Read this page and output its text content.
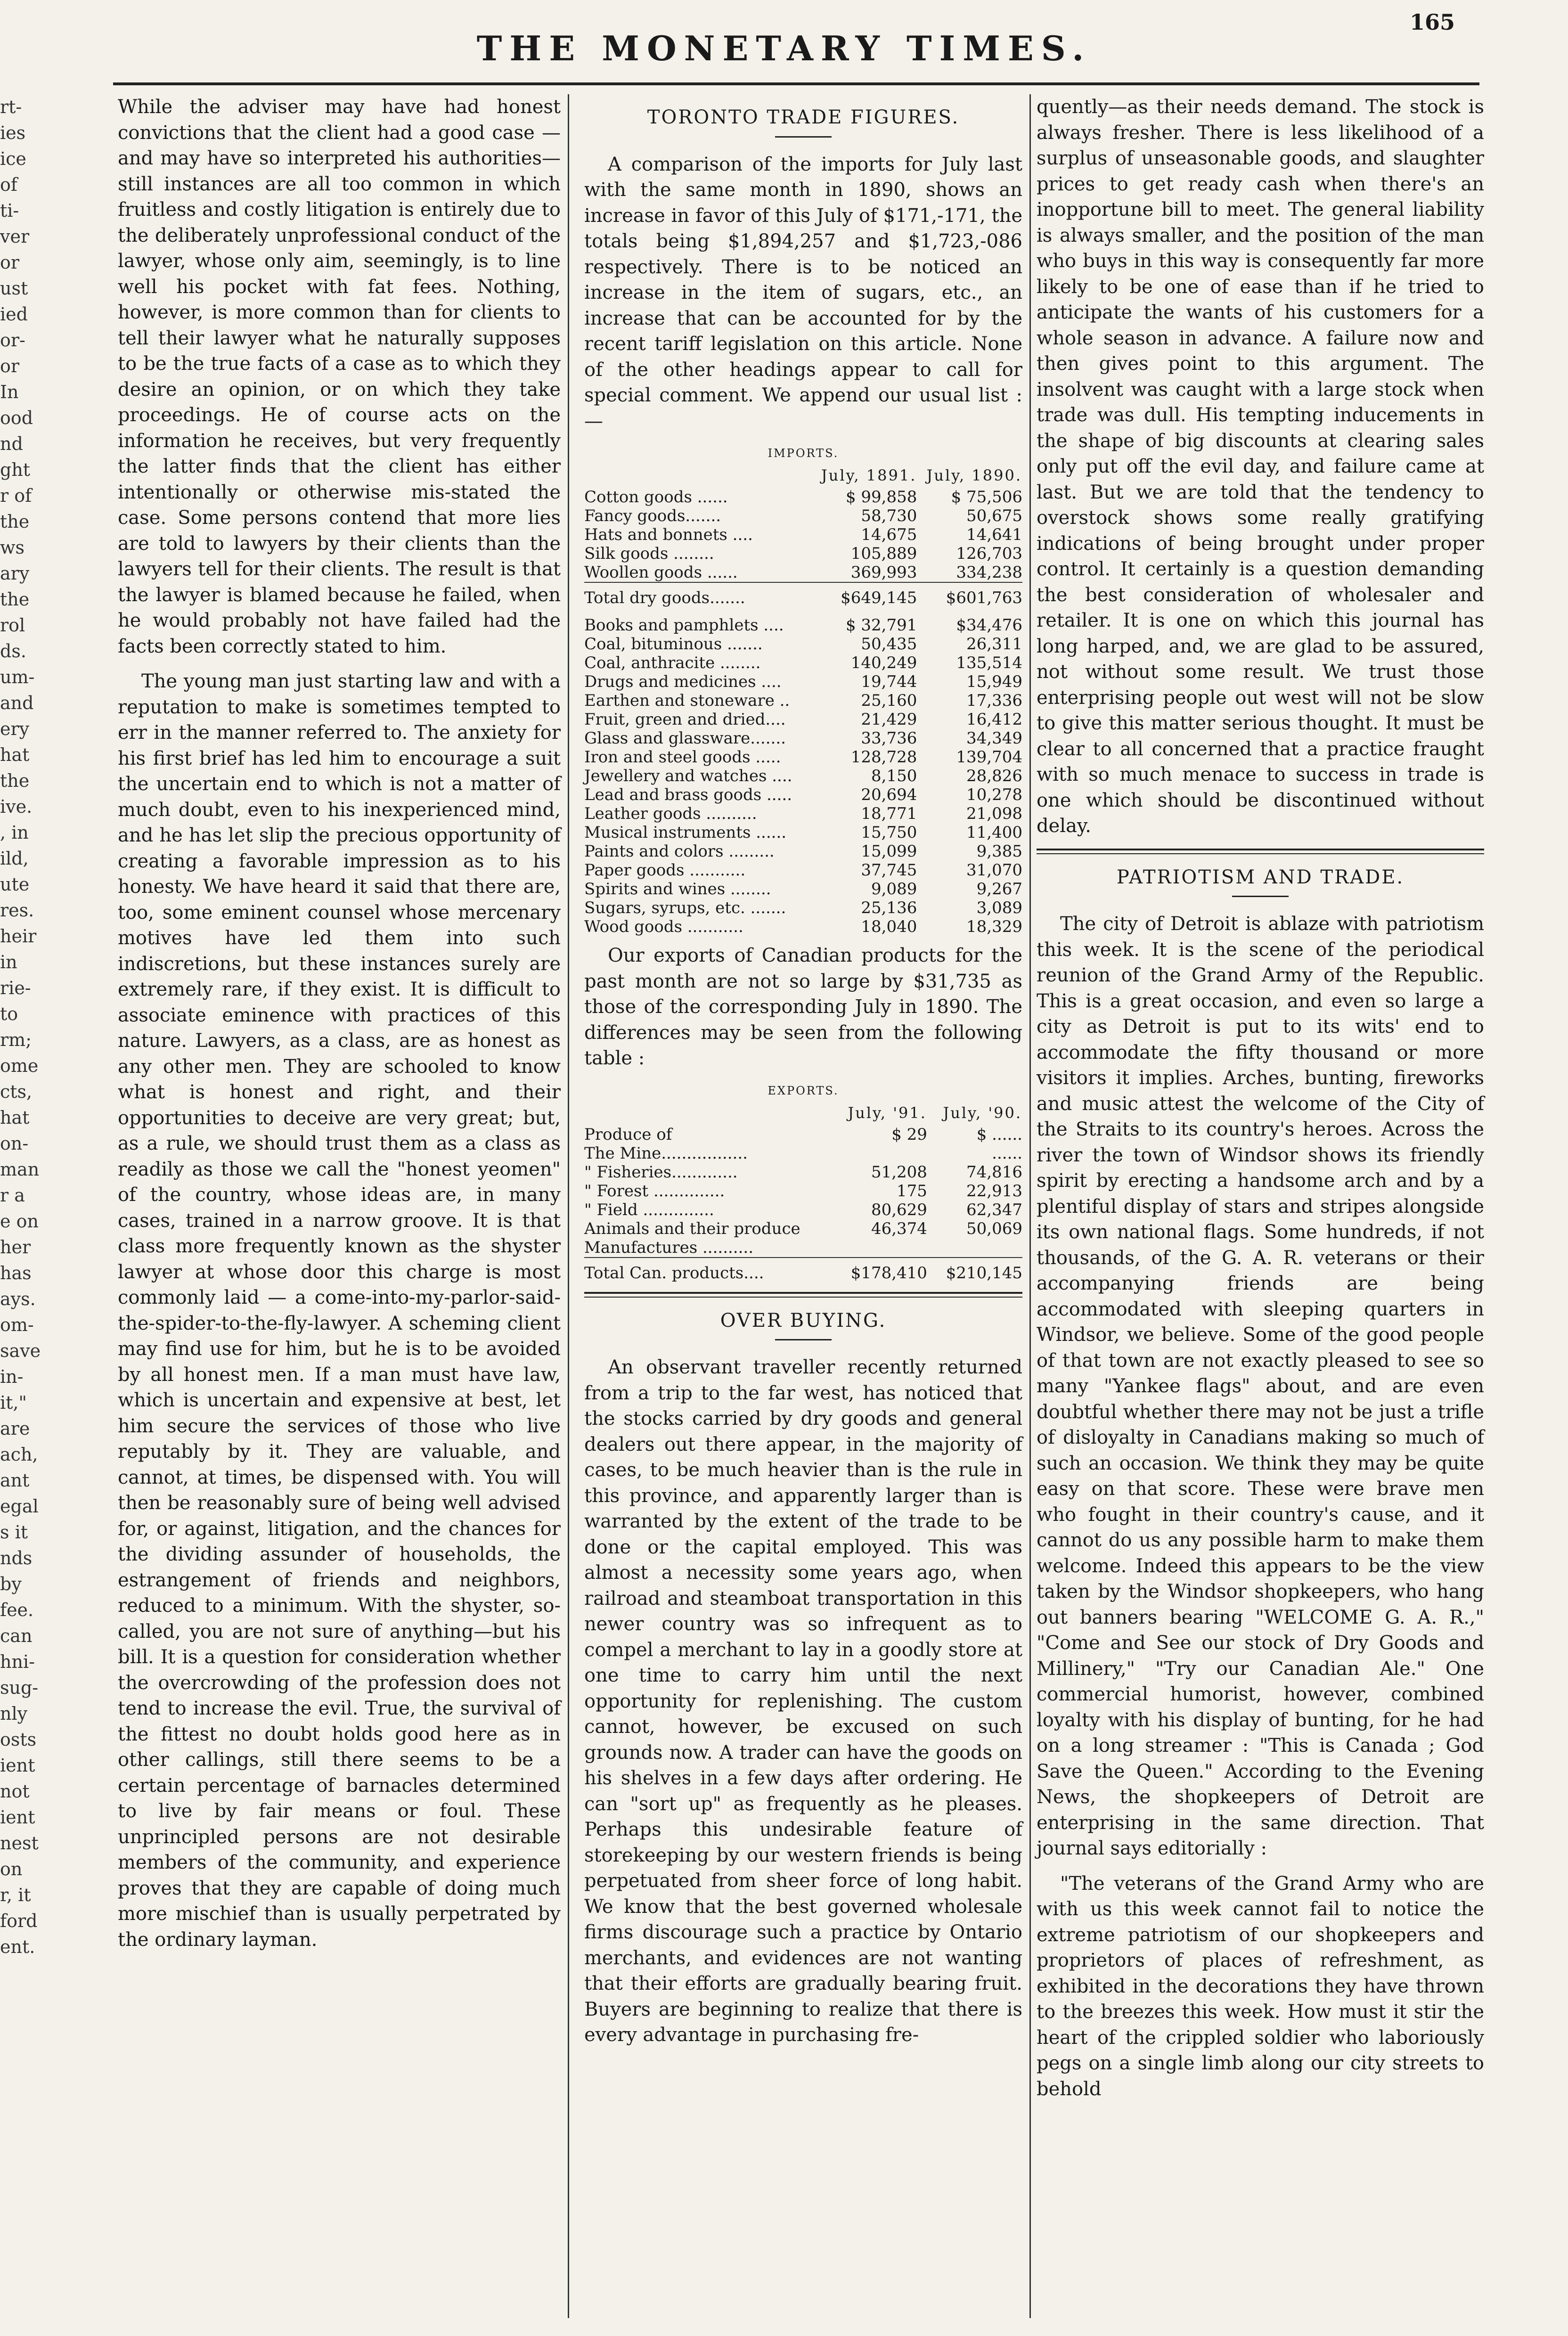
rt-
ies
ice
of
ti-
ver
or
ust
ied
or-
or
In
ood
nd
ght
r of
the
ws
ary
the
rol
ds.
um-
and
ery
hat
the
ive.
, in
ild,
ute
res.
heir
in
rie-
to
rm;
ome
cts,
hat
on-
man
r a
e on
her
has
ays.
om-
save
in-
it,"
are
ach,
ant
egal
s it
nds
by
fee.
can
hni-
sug-
nly
osts
ient
not
ient
nest
on
r, it
ford
ent.
165
THE MONETARY TIMES.

While the adviser may have had honest convictions that the client had a good case —and may have so interpreted his authorities—still instances are all too common in which fruitless and costly litigation is entirely due to the deliberately unprofessional conduct of the lawyer, whose only aim, seemingly, is to line well his pocket with fat fees. Nothing, however, is more common than for clients to tell their lawyer what he naturally supposes to be the true facts of a case as to which they desire an opinion, or on which they take proceedings. He of course acts on the information he receives, but very frequently the latter finds that the client has either intentionally or otherwise mis-stated the case. Some persons contend that more lies are told to lawyers by their clients than the lawyers tell for their clients. The result is that the lawyer is blamed because he failed, when he would probably not have failed had the facts been correctly stated to him.

The young man just starting law and with a reputation to make is sometimes tempted to err in the manner referred to. The anxiety for his first brief has led him to encourage a suit the uncertain end to which is not a matter of much doubt, even to his inexperienced mind, and he has let slip the precious opportunity of creating a favorable impression as to his honesty. We have heard it said that there are, too, some eminent counsel whose mercenary motives have led them into such indiscretions, but these instances surely are extremely rare, if they exist. It is difficult to associate eminence with practices of this nature. Lawyers, as a class, are as honest as any other men. They are schooled to know what is honest and right, and their opportunities to deceive are very great; but, as a rule, we should trust them as a class as readily as those we call the "honest yeomen" of the country, whose ideas are, in many cases, trained in a narrow groove. It is that class more frequently known as the shyster lawyer at whose door this charge is most commonly laid — a come-into-my-parlor-said-the-spider-to-the-fly-lawyer. A scheming client may find use for him, but he is to be avoided by all honest men. If a man must have law, which is uncertain and expensive at best, let him secure the services of those who live reputably by it. They are valuable, and cannot, at times, be dispensed with. You will then be reasonably sure of being well advised for, or against, litigation, and the chances for the dividing assunder of households, the estrangement of friends and neighbors, reduced to a minimum. With the shyster, so-called, you are not sure of anything—but his bill. It is a question for consideration whether the overcrowding of the profession does not tend to increase the evil. True, the survival of the fittest no doubt holds good here as in other callings, still there seems to be a certain percentage of barnacles determined to live by fair means or foul. These unprincipled persons are not desirable members of the community, and experience proves that they are capable of doing much more mischief than is usually perpetrated by the ordinary layman.

TORONTO TRADE FIGURES.

A comparison of the imports for July last with the same month in 1890, shows an increase in favor of this July of $171,-171, the totals being $1,894,257 and $1,723,-086 respectively. There is to be noticed an increase in the item of sugars, etc., an increase that can be accounted for by the recent tariff legislation on this article. None of the other headings appear to call for special comment. We append our usual list :—

IMPORTS.		
	July, 1891.	July, 1890.
Cotton goods ......	$ 99,858	$ 75,506
Fancy goods.......	58,730	50,675
Hats and bonnets ....	14,675	14,641
Silk goods ........	105,889	126,703
Woollen goods ......	369,993	334,238
Total dry goods.......	$649,145	$601,763

Books and pamphlets ....	$ 32,791	$34,476
Coal, bituminous .......	50,435	26,311
Coal, anthracite ........	140,249	135,514
Drugs and medicines ....	19,744	15,949
Earthen and stoneware ..	25,160	17,336
Fruit, green and dried....	21,429	16,412
Glass and glassware.......	33,736	34,349
Iron and steel goods .....	128,728	139,704
Jewellery and watches ....	8,150	28,826
Lead and brass goods .....	20,694	10,278
Leather goods ..........	18,771	21,098
Musical instruments ......	15,750	11,400
Paints and colors .........	15,099	9,385
Paper goods ...........	37,745	31,070
Spirits and wines ........	9,089	9,267
Sugars, syrups, etc. .......	25,136	3,089
Wood goods ...........	18,040	18,329

Our exports of Canadian products for the past month are not so large by $31,735 as those of the corresponding July in 1890. The differences may be seen from the following table :

EXPORTS.		
	July, '91.	July, '90.
Produce of	$ 29	$ ......
The Mine.................		......
" Fisheries.............	51,208	74,816
" Forest ..............	175	22,913
" Field ..............	80,629	62,347
Animals and their produce	46,374	50,069
Manufactures ..........		
Total Can. products....	$178,410	$210,145
OVER BUYING.

An observant traveller recently returned from a trip to the far west, has noticed that the stocks carried by dry goods and general dealers out there appear, in the majority of cases, to be much heavier than is the rule in this province, and apparently larger than is warranted by the extent of the trade to be done or the capital employed. This was almost a necessity some years ago, when railroad and steamboat transportation in this newer country was so infrequent as to compel a merchant to lay in a goodly store at one time to carry him until the next opportunity for replenishing. The custom cannot, however, be excused on such grounds now. A trader can have the goods on his shelves in a few days after ordering. He can "sort up" as frequently as he pleases. Perhaps this undesirable feature of storekeeping by our western friends is being perpetuated from sheer force of long habit. We know that the best governed wholesale firms discourage such a practice by Ontario merchants, and evidences are not wanting that their efforts are gradually bearing fruit. Buyers are beginning to realize that there is every advantage in purchasing fre-

quently—as their needs demand. The stock is always fresher. There is less likelihood of a surplus of unseasonable goods, and slaughter prices to get ready cash when there's an inopportune bill to meet. The general liability is always smaller, and the position of the man who buys in this way is consequently far more likely to be one of ease than if he tried to anticipate the wants of his customers for a whole season in advance. A failure now and then gives point to this argument. The insolvent was caught with a large stock when trade was dull. His tempting inducements in the shape of big discounts at clearing sales only put off the evil day, and failure came at last. But we are told that the tendency to overstock shows some really gratifying indications of being brought under proper control. It certainly is a question demanding the best consideration of wholesaler and retailer. It is one on which this journal has long harped, and, we are glad to be assured, not without some result. We trust those enterprising people out west will not be slow to give this matter serious thought. It must be clear to all concerned that a practice fraught with so much menace to success in trade is one which should be discontinued without delay.

PATRIOTISM AND TRADE.

The city of Detroit is ablaze with patriotism this week. It is the scene of the periodical reunion of the Grand Army of the Republic. This is a great occasion, and even so large a city as Detroit is put to its wits' end to accommodate the fifty thousand or more visitors it implies. Arches, bunting, fireworks and music attest the welcome of the City of the Straits to its country's heroes. Across the river the town of Windsor shows its friendly spirit by erecting a handsome arch and by a plentiful display of stars and stripes alongside its own national flags. Some hundreds, if not thousands, of the G. A. R. veterans or their accompanying friends are being accommodated with sleeping quarters in Windsor, we believe. Some of the good people of that town are not exactly pleased to see so many "Yankee flags" about, and are even doubtful whether there may not be just a trifle of disloyalty in Canadians making so much of such an occasion. We think they may be quite easy on that score. These were brave men who fought in their country's cause, and it cannot do us any possible harm to make them welcome. Indeed this appears to be the view taken by the Windsor shopkeepers, who hang out banners bearing "WELCOME G. A. R.," "Come and See our stock of Dry Goods and Millinery," "Try our Canadian Ale." One commercial humorist, however, combined loyalty with his display of bunting, for he had on a long streamer : "This is Canada ; God Save the Queen." According to the Evening News, the shopkeepers of Detroit are enterprising in the same direction. That journal says editorially :

"The veterans of the Grand Army who are with us this week cannot fail to notice the extreme patriotism of our shopkeepers and proprietors of places of refreshment, as exhibited in the decorations they have thrown to the breezes this week. How must it stir the heart of the crippled soldier who laboriously pegs on a single limb along our city streets to behold
